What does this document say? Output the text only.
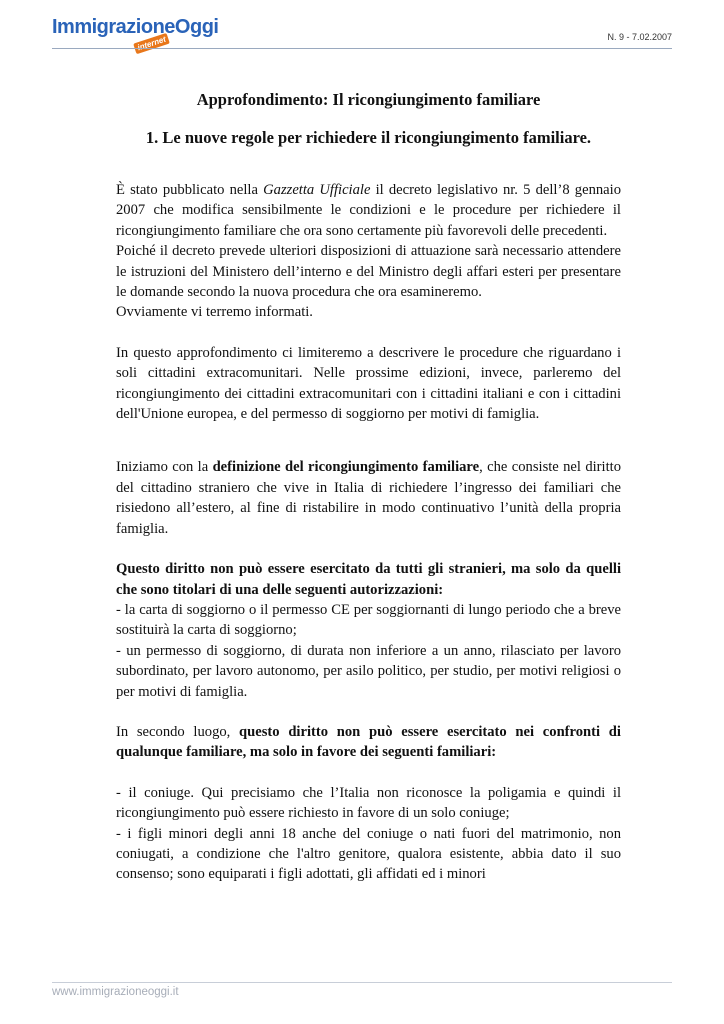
ImmigrazioneOggi
internet	N. 9 - 7.02.2007
Approfondimento: Il ricongiungimento familiare
1. Le nuove regole per richiedere il ricongiungimento familiare.

È stato pubblicato nella Gazzetta Ufficiale il decreto legislativo nr. 5 dell’8 gennaio 2007 che modifica sensibilmente le condizioni e le procedure per richiedere il ricongiungimento familiare che ora sono certamente più favorevoli delle precedenti.

Poiché il decreto prevede ulteriori disposizioni di attuazione sarà necessario attendere le istruzioni del Ministero dell’interno e del Ministro degli affari esteri per presentare le domande secondo la nuova procedura che ora esamineremo.

Ovviamente vi terremo informati.

In questo approfondimento ci limiteremo a descrivere le procedure che riguardano i soli cittadini extracomunitari. Nelle prossime edizioni, invece, parleremo del ricongiungimento dei cittadini extracomunitari con i cittadini italiani e con i cittadini dell'Unione europea, e del permesso di soggiorno per motivi di famiglia.

Iniziamo con la definizione del ricongiungimento familiare, che consiste nel diritto del cittadino straniero che vive in Italia di richiedere l’ingresso dei familiari che risiedono all’estero, al fine di ristabilire in modo continuativo l’unità della propria famiglia.

Questo diritto non può essere esercitato da tutti gli stranieri, ma solo da quelli che sono titolari di una delle seguenti autorizzazioni:

- la carta di soggiorno o il permesso CE per soggiornanti di lungo periodo che a breve sostituirà la carta di soggiorno;

- un permesso di soggiorno, di durata non inferiore a un anno, rilasciato per lavoro subordinato, per lavoro autonomo, per asilo politico, per studio, per motivi religiosi o per motivi di famiglia.

In secondo luogo, questo diritto non può essere esercitato nei confronti di qualunque familiare, ma solo in favore dei seguenti familiari:

- il coniuge. Qui precisiamo che l’Italia non riconosce la poligamia e quindi il ricongiungimento può essere richiesto in favore di un solo coniuge;

- i figli minori degli anni 18 anche del coniuge o nati fuori del matrimonio, non coniugati, a condizione che l'altro genitore, qualora esistente, abbia dato il suo consenso; sono equiparati i figli adottati, gli affidati ed i minori

www.immigrazioneoggi.it
